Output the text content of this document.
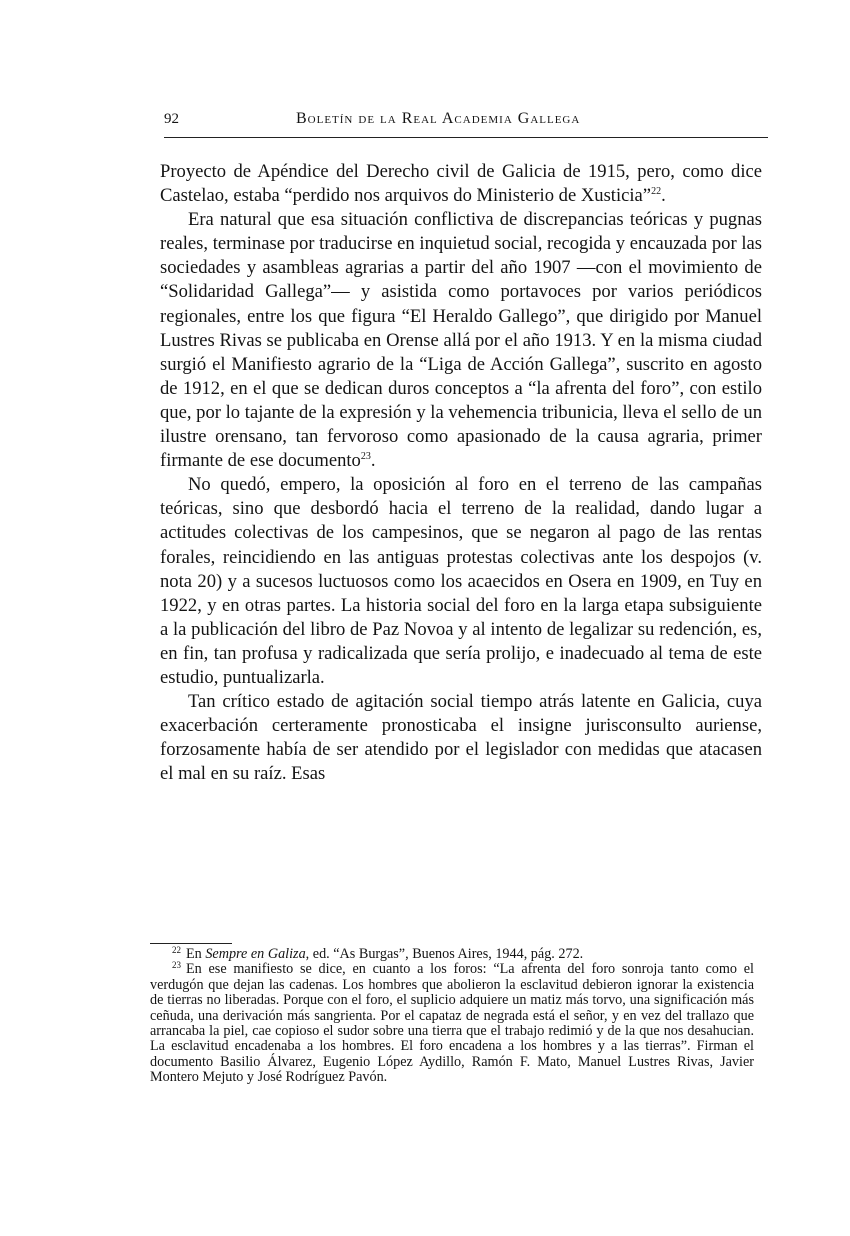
92	Boletín de la Real Academia Gallega

Proyecto de Apéndice del Derecho civil de Galicia de 1915, pero, como dice Castelao, estaba “perdido nos arquivos do Ministerio de Xusticia”$^{22}$.

Era natural que esa situación conflictiva de discrepancias teóricas y pugnas reales, terminase por traducirse en inquietud social, recogida y encauzada por las sociedades y asambleas agrarias a partir del año 1907 —con el movimiento de “Solidaridad Gallega”— y asistida como portavoces por varios periódicos regionales, entre los que figura “El Heraldo Gallego”, que dirigido por Manuel Lustres Rivas se publicaba en Orense allá por el año 1913. Y en la misma ciudad surgió el Manifiesto agrario de la “Liga de Acción Gallega”, suscrito en agosto de 1912, en el que se dedican duros conceptos a “la afrenta del foro”, con estilo que, por lo tajante de la expresión y la vehemencia tribunicia, lleva el sello de un ilustre orensano, tan fervoroso como apasionado de la causa agraria, primer firmante de ese documento$^{23}$.

No quedó, empero, la oposición al foro en el terreno de las campañas teóricas, sino que desbordó hacia el terreno de la realidad, dando lugar a actitudes colectivas de los campesinos, que se negaron al pago de las rentas forales, reincidiendo en las antiguas protestas colectivas ante los despojos (v. nota 20) y a sucesos luctuosos como los acaecidos en Osera en 1909, en Tuy en 1922, y en otras partes. La historia social del foro en la larga etapa subsiguiente a la publicación del libro de Paz Novoa y al intento de legalizar su redención, es, en fin, tan profusa y radicalizada que sería prolijo, e inadecuado al tema de este estudio, puntualizarla.

Tan crítico estado de agitación social tiempo atrás latente en Galicia, cuya exacerbación certeramente pronosticaba el insigne jurisconsulto auriense, forzosamente había de ser atendido por el legislador con medidas que atacasen el mal en su raíz. Esas

$^{22}$ En Sempre en Galiza, ed. “As Burgas”, Buenos Aires, 1944, pág. 272.

$^{23}$ En ese manifiesto se dice, en cuanto a los foros: “La afrenta del foro sonroja tanto como el verdugón que dejan las cadenas. Los hombres que abolieron la esclavitud debieron ignorar la existencia de tierras no liberadas. Porque con el foro, el suplicio adquiere un matiz más torvo, una significación más ceñuda, una derivación más sangrienta. Por el capataz de negrada está el señor, y en vez del trallazo que arrancaba la piel, cae copioso el sudor sobre una tierra que el trabajo redimió y de la que nos desahucian. La esclavitud encadenaba a los hombres. El foro encadena a los hombres y a las tierras”. Firman el documento Basilio Álvarez, Eugenio López Aydillo, Ramón F. Mato, Manuel Lustres Rivas, Javier Montero Mejuto y José Rodríguez Pavón.
